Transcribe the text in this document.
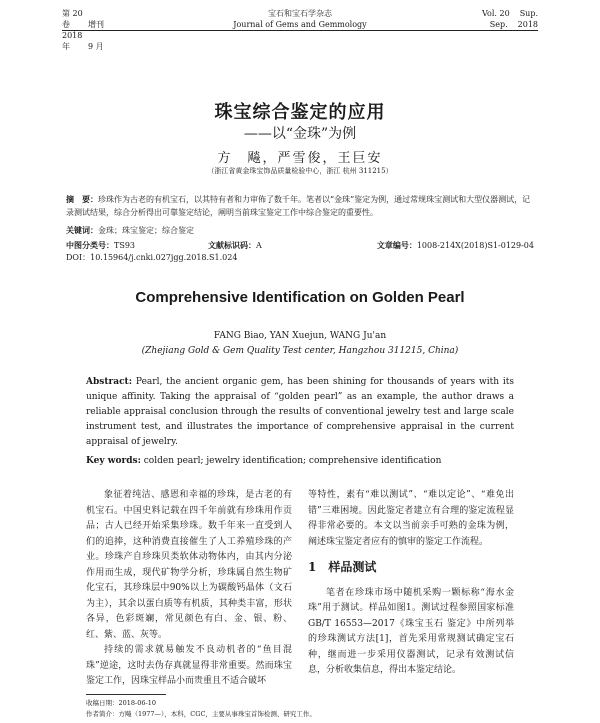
第 20 卷 增刊
2018 年 9 月
宝石和宝石学杂志
Journal of Gems and Gemmology
Vol. 20 Sup.
Sep. 2018
珠宝综合鉴定的应用
——以“金珠”为例
方　飚，严雪俊，王巨安
（浙江省黄金珠宝饰品质量检验中心，浙江 杭州 311215）
摘　要：珍珠作为古老的有机宝石，以其特有者和力审佈了数千年。笔者以“金珠”鉴定为例，通过常规珠宝测试和大型仪器测试，记录测试结果，综合分析得出可靠鉴定结论，阐明当前珠宝鉴定工作中综合鉴定的重要性。
关键词：金珠；珠宝鉴定；综合鉴定
中图分类号：TS93	文献标识码：A	文章编号：1008-214X(2018)S1-0129-04
DOI：10.15964/j.cnki.027jgg.2018.S1.024
Comprehensive Identification on Golden Pearl
FANG Biao, YAN Xuejun, WANG Ju'an
(Zhejiang Gold & Gem Quality Test center, Hangzhou 311215, China)
Abstract: Pearl, the ancient organic gem, has been shining for thousands of years with its unique affinity. Taking the appraisal of “golden pearl” as an example, the author draws a reliable appraisal conclusion through the results of conventional jewelry test and large scale instrument test, and illustrates the importance of comprehensive appraisal in the current appraisal of jewelry.
Key words: colden pearl; jewelry identification; comprehensive identification

象征着纯洁、感恩和幸福的珍珠，是古老的有机宝石。中国史料记载在四千年前就有珍珠用作贡品；古人已经开始采集珍珠。数千年来一直受到人们的追捧，这种消费直接催生了人工养殖珍珠的产业。珍珠产自珍珠贝类软体动物体内，由其内分泌作用而生成，现代矿物学分析，珍珠属自然生物矿化宝石，其珍珠层中90%以上为碳酸钙晶体（文石为主），其余以蛋白质等有机质，其种类丰富，形状各异，色彩斑斓，常见颜色有白、金、银、粉、红、紫、蓝、灰等。

持续的需求就易触发不良动机者的“鱼目混珠”逆途，这时去伪存真就显得非常重要。然而珠宝鉴定工作，因珠宝样品小而贵重且不适合破坏

等特性，素有“难以测试”、“难以定论”、“难免出错”三难困境。因此鉴定者建立有合理的鉴定流程显得非常必要的。本文以当前亲手可熟的金珠为例，阐述珠宝鉴定者应有的慎审的鉴定工作流程。

1　样品测试

笔者在珍珠市场中随机采购一颗标称“海水金珠”用于测试。样品如图1。测试过程参照国家标准 GB/T 16553—2017《珠宝玉石 鉴定》中所列举的珍珠测试方法[1]，首先采用常规测试确定宝石种，继而进一步采用仪器测试，记录有效测试信息，分析收集信息，得出本鉴定结论。

收稿日期：2018-06-10
作者简介：方飚（1977—），本科，CGC，主要从事珠宝首饰检测、研究工作。
